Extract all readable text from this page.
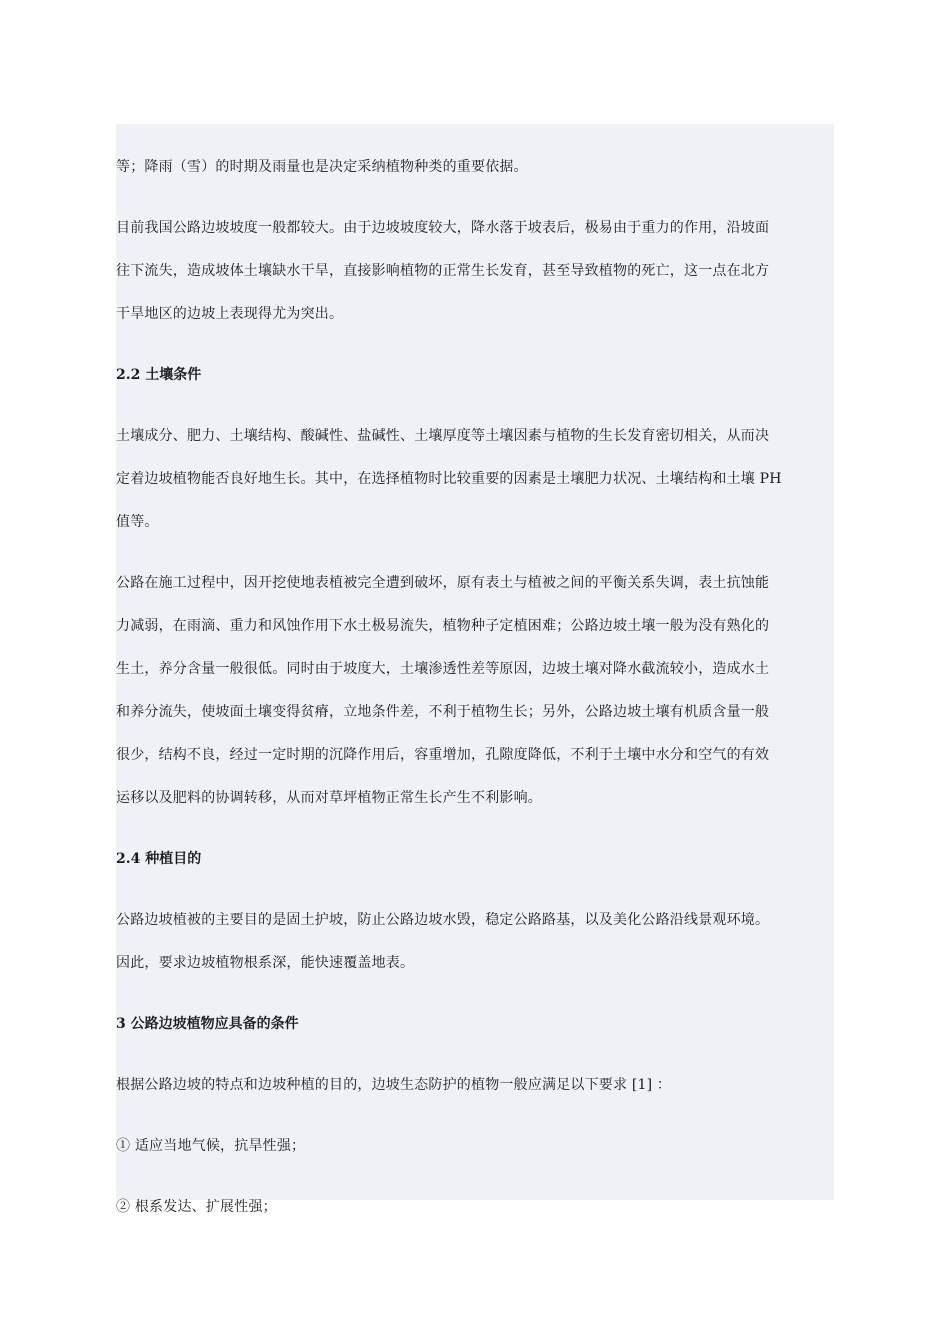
等；降雨（雪）的时期及雨量也是决定采纳植物种类的重要依据。

目前我国公路边坡坡度一般都较大。由于边坡坡度较大，降水落于坡表后，极易由于重力的作用，沿坡面
往下流失，造成坡体土壤缺水干旱，直接影响植物的正常生长发育，甚至导致植物的死亡，这一点在北方
干旱地区的边坡上表现得尤为突出。

2.2 土壤条件

土壤成分、肥力、土壤结构、酸碱性、盐碱性、土壤厚度等土壤因素与植物的生长发育密切相关，从而决
定着边坡植物能否良好地生长。其中，在选择植物时比较重要的因素是土壤肥力状况、土壤结构和土壤 PH
值等。

公路在施工过程中，因开挖使地表植被完全遭到破坏，原有表土与植被之间的平衡关系失调，表土抗蚀能
力减弱，在雨滴、重力和风蚀作用下水土极易流失，植物种子定植困难；公路边坡土壤一般为没有熟化的
生土，养分含量一般很低。同时由于坡度大，土壤渗透性差等原因，边坡土壤对降水截流较小，造成水土
和养分流失，使坡面土壤变得贫瘠，立地条件差，不利于植物生长；另外，公路边坡土壤有机质含量一般
很少，结构不良，经过一定时期的沉降作用后，容重增加，孔隙度降低，不利于土壤中水分和空气的有效
运移以及肥料的协调转移，从而对草坪植物正常生长产生不利影响。

2.4 种植目的

公路边坡植被的主要目的是固土护坡，防止公路边坡水毁，稳定公路路基，以及美化公路沿线景观环境。
因此，要求边坡植物根系深，能快速覆盖地表。

3 公路边坡植物应具备的条件

根据公路边坡的特点和边坡种植的目的，边坡生态防护的植物一般应满足以下要求 [1] ：

① 适应当地气候，抗旱性强；

② 根系发达、扩展性强；
